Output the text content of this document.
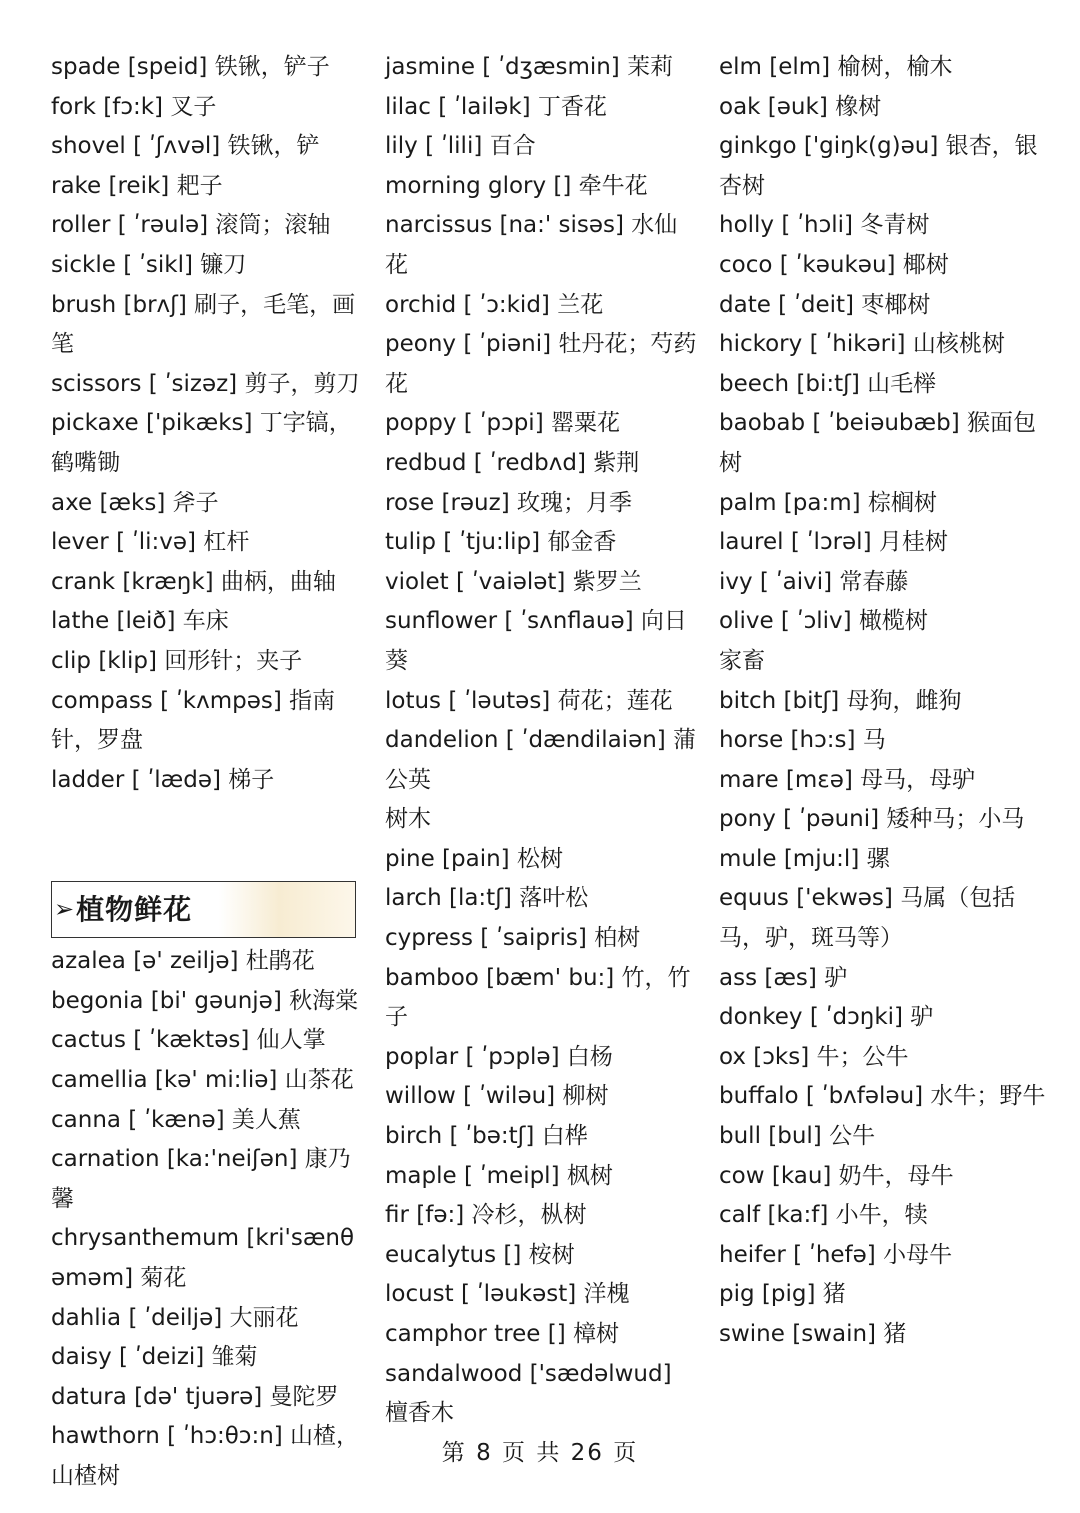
spade [speid] 铁锹，铲子

fork [fɔ:k] 叉子

shovel [ ʹʃʌvəl] 铁锹，铲

rake [reik] 耙子

roller [ ʹrəulə] 滚筒；滚轴

sickle [ ʹsikl] 镰刀

brush [brʌʃ] 刷子，毛笔，画笔

scissors [ ʹsizəz] 剪子，剪刀

pickaxe ['pikæks] 丁字镐，鹤嘴锄

axe [æks] 斧子

lever [ ʹli:və] 杠杆

crank [kræŋk] 曲柄，曲轴

lathe [leið] 车床

clip [klip] 回形针；夹子

compass [ ʹkʌmpəs] 指南针，罗盘

ladder [ ʹlædə] 梯子

➢ 植物鲜花

azalea [ə' zeiljə] 杜鹃花

begonia [bi' gəunjə] 秋海棠

cactus [ ʹkæktəs] 仙人掌

camellia [kə' mi:liə] 山茶花

canna [ ʹkænə] 美人蕉

carnation [ka:'neiʃən] 康乃馨

chrysanthemum [kri'sænθəməm] 菊花

dahlia [ ʹdeiljə] 大丽花

daisy [ ʹdeizi] 雏菊

datura [də' tjuərə] 曼陀罗

hawthorn [ ʹhɔ:θɔ:n] 山楂，山楂树

jasmine [ ʹdʒæsmin] 茉莉

lilac [ ʹlailək] 丁香花

lily [ ʹlili] 百合

morning glory [] 牵牛花

narcissus [na:' sisəs] 水仙花

orchid [ ʹɔ:kid] 兰花

peony [ ʹpiəni] 牡丹花；芍药花

poppy [ ʹpɔpi] 罂粟花

redbud [ ʹredbʌd] 紫荆

rose [rəuz] 玫瑰；月季

tulip [ ʹtju:lip] 郁金香

violet [ ʹvaiələt] 紫罗兰

sunflower [ ʹsʌnflauə] 向日葵

lotus [ ʹləutəs] 荷花；莲花

dandelion [ ʹdændilaiən] 蒲公英

树木

pine [pain] 松树

larch [la:tʃ] 落叶松

cypress [ ʹsaipris] 柏树

bamboo [bæm' bu:] 竹，竹子

poplar [ ʹpɔplə] 白杨

willow [ ʹwiləu] 柳树

birch [ ʹbə:tʃ] 白桦

maple [ ʹmeipl] 枫树

fir [fə:] 冷杉，枞树

eucalytus [] 桉树

locust [ ʹləukəst] 洋槐

camphor tree [] 樟树

sandalwood ['sædəlwud] 檀香木

elm [elm] 榆树，榆木

oak [əuk] 橡树

ginkgo ['giŋk(g)əu] 银杏，银杏树

holly [ ʹhɔli] 冬青树

coco [ ʹkəukəu] 椰树

date [ ʹdeit] 枣椰树

hickory [ ʹhikəri] 山核桃树

beech [bi:tʃ] 山毛榉

baobab [ ʹbeiəubæb] 猴面包树

palm [pa:m] 棕榈树

laurel [ ʹlɔrəl] 月桂树

ivy [ ʹaivi] 常春藤

olive [ ʹɔliv] 橄榄树

家畜

bitch [bitʃ] 母狗，雌狗

horse [hɔ:s] 马

mare [mεə] 母马，母驴

pony [ ʹpəuni] 矮种马；小马

mule [mju:l] 骡

equus ['ekwəs] 马属（包括马，驴，斑马等）

ass [æs] 驴

donkey [ ʹdɔŋki] 驴

ox [ɔks] 牛；公牛

buffalo [ ʹbʌfələu] 水牛；野牛

bull [bul] 公牛

cow [kau] 奶牛，母牛

calf [ka:f] 小牛，犊

heifer [ ʹhefə] 小母牛

pig [pig] 猪

swine [swain] 猪

第 8 页 共 26 页
